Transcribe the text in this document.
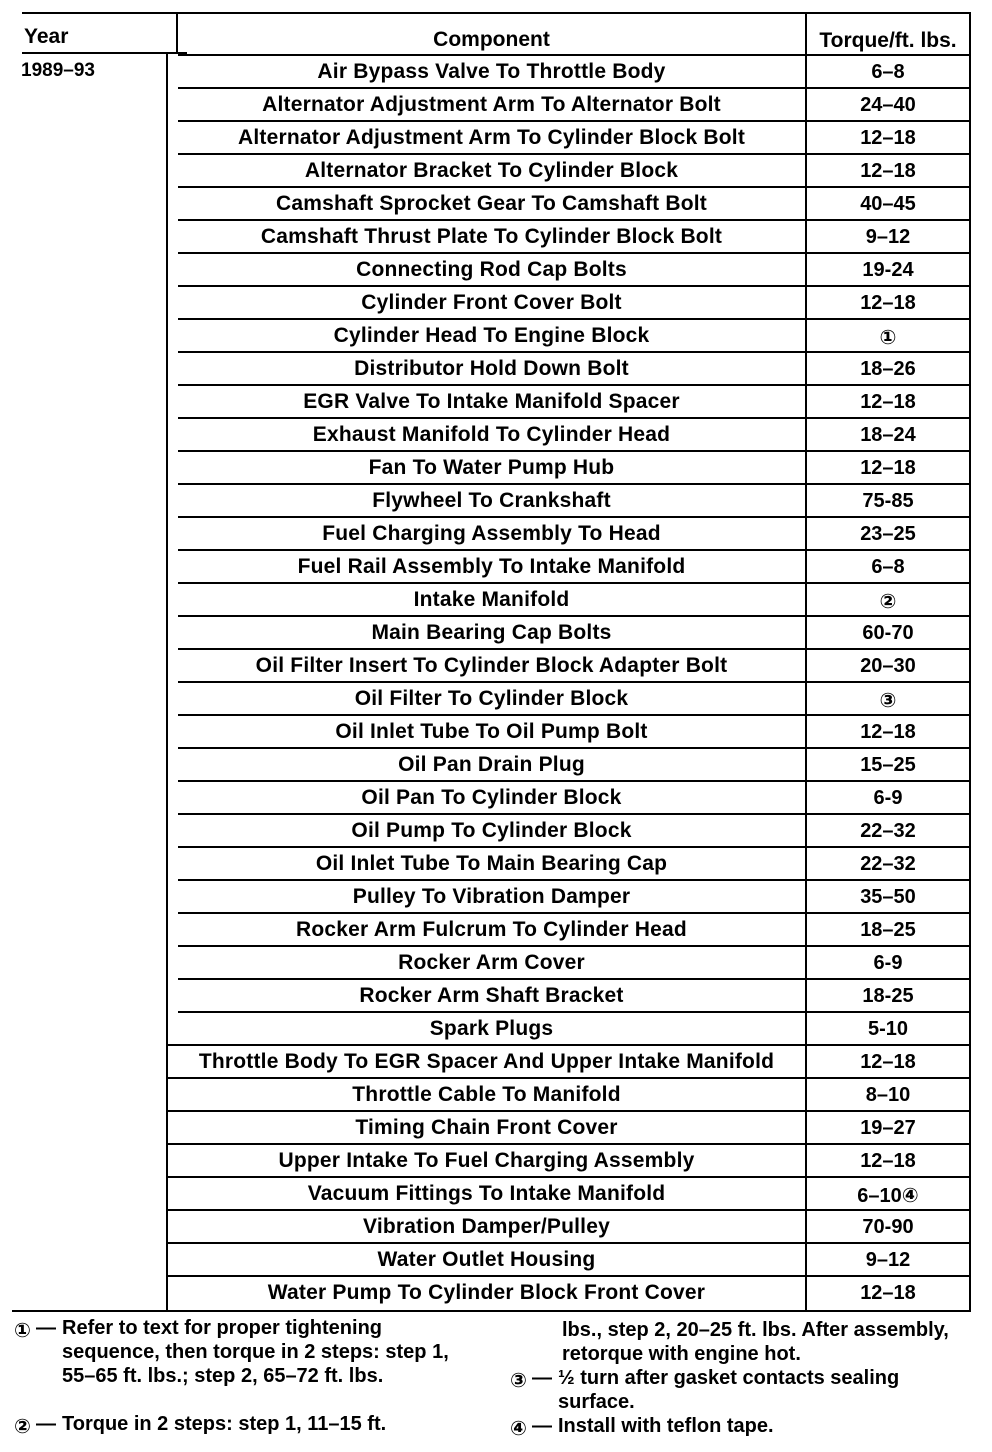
Year	Component	Torque/ft. lbs.
1989–93	Air Bypass Valve To Throttle Body	6–8
Alternator Adjustment Arm To Alternator Bolt	24–40
Alternator Adjustment Arm To Cylinder Block Bolt	12–18
Alternator Bracket To Cylinder Block	12–18
Camshaft Sprocket Gear To Camshaft Bolt	40–45
Camshaft Thrust Plate To Cylinder Block Bolt	9–12
Connecting Rod Cap Bolts	19-24
Cylinder Front Cover Bolt	12–18
Cylinder Head To Engine Block	①
Distributor Hold Down Bolt	18–26
EGR Valve To Intake Manifold Spacer	12–18
Exhaust Manifold To Cylinder Head	18–24
Fan To Water Pump Hub	12–18
Flywheel To Crankshaft	75-85
Fuel Charging Assembly To Head	23–25
Fuel Rail Assembly To Intake Manifold	6–8
Intake Manifold	②
Main Bearing Cap Bolts	60-70
Oil Filter Insert To Cylinder Block Adapter Bolt	20–30
Oil Filter To Cylinder Block	③
Oil Inlet Tube To Oil Pump Bolt	12–18
Oil Pan Drain Plug	15–25
Oil Pan To Cylinder Block	6-9
Oil Pump To Cylinder Block	22–32
Oil Inlet Tube To Main Bearing Cap	22–32
Pulley To Vibration Damper	35–50
Rocker Arm Fulcrum To Cylinder Head	18–25
Rocker Arm Cover	6-9
Rocker Arm Shaft Bracket	18-25
Spark Plugs	5-10
Throttle Body To EGR Spacer And Upper Intake Manifold	12–18
Throttle Cable To Manifold	8–10
Timing Chain Front Cover	19–27
Upper Intake To Fuel Charging Assembly	12–18
Vacuum Fittings To Intake Manifold	6–10④
Vibration Damper/Pulley	70-90
Water Outlet Housing	9–12
Water Pump To Cylinder Block Front Cover	12–18
① — Refer to text for proper tightening sequence, then torque in 2 steps: step 1, 55–65 ft. lbs.; step 2, 65–72 ft. lbs.
② — Torque in 2 steps: step 1, 11–15 ft.
lbs., step 2, 20–25 ft. lbs. After assembly, retorque with engine hot.
③ — ½ turn after gasket contacts sealing surface.
④ — Install with teflon tape.
